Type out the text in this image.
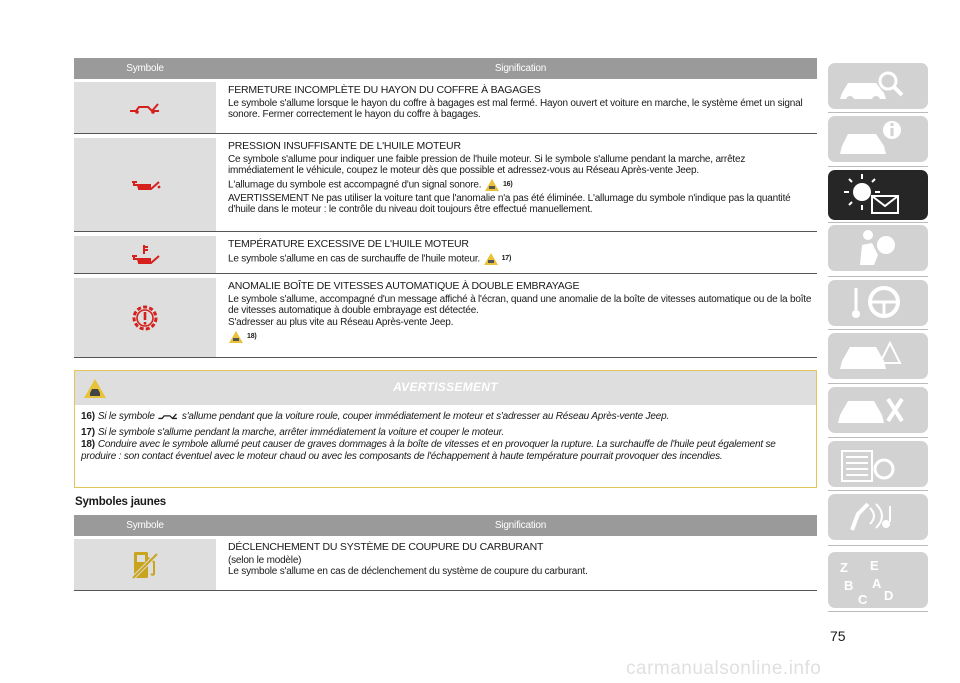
Symbole	Signification
FERMETURE INCOMPLÈTE DU HAYON DU COFFRE À BAGAGES
Le symbole s'allume lorsque le hayon du coffre à bagages est mal fermé. Hayon ouvert et voiture en marche, le système émet un signal sonore. Fermer correctement le hayon du coffre à bagages.
PRESSION INSUFFISANTE DE L'HUILE MOTEUR
Ce symbole s'allume pour indiquer une faible pression de l'huile moteur. Si le symbole s'allume pendant la marche, arrêtez immédiatement le véhicule, coupez le moteur dès que possible et adressez-vous au Réseau Après-vente Jeep.
L'allumage du symbole est accompagné d'un signal sonore.	16)
AVERTISSEMENT Ne pas utiliser la voiture tant que l'anomalie n'a pas été éliminée. L'allumage du symbole n'indique pas la quantité d'huile dans le moteur : le contrôle du niveau doit toujours être effectué manuellement.
TEMPÉRATURE EXCESSIVE DE L'HUILE MOTEUR
Le symbole s'allume en cas de surchauffe de l'huile moteur.	17)
ANOMALIE BOÎTE DE VITESSES AUTOMATIQUE À DOUBLE EMBRAYAGE
Le symbole s'allume, accompagné d'un message affiché à l'écran, quand une anomalie de la boîte de vitesses automatique ou de la boîte de vitesses automatique à double embrayage est détectée.
S'adresser au plus vite au Réseau Après-vente Jeep.
18)
AVERTISSEMENT
16) Si le symbole	s'allume pendant que la voiture roule, couper immédiatement le moteur et s'adresser au Réseau Après-vente Jeep.
17) Si le symbole s'allume pendant la marche, arrêter immédiatement la voiture et couper le moteur.
18) Conduire avec le symbole allumé peut causer de graves dommages à la boîte de vitesses et en provoquer la rupture. La surchauffe de l'huile peut également se produire : son contact éventuel avec le moteur chaud ou avec les composants de l'échappement à haute température pourrait provoquer des incendies.
Symboles jaunes
Symbole	Signification
DÉCLENCHEMENT DU SYSTÈME DE COUPURE DU CARBURANT
(selon le modèle)
Le symbole s'allume en cas de déclenchement du système de coupure du carburant.	Z E
B A
C D
75
carmanualsonline.info
